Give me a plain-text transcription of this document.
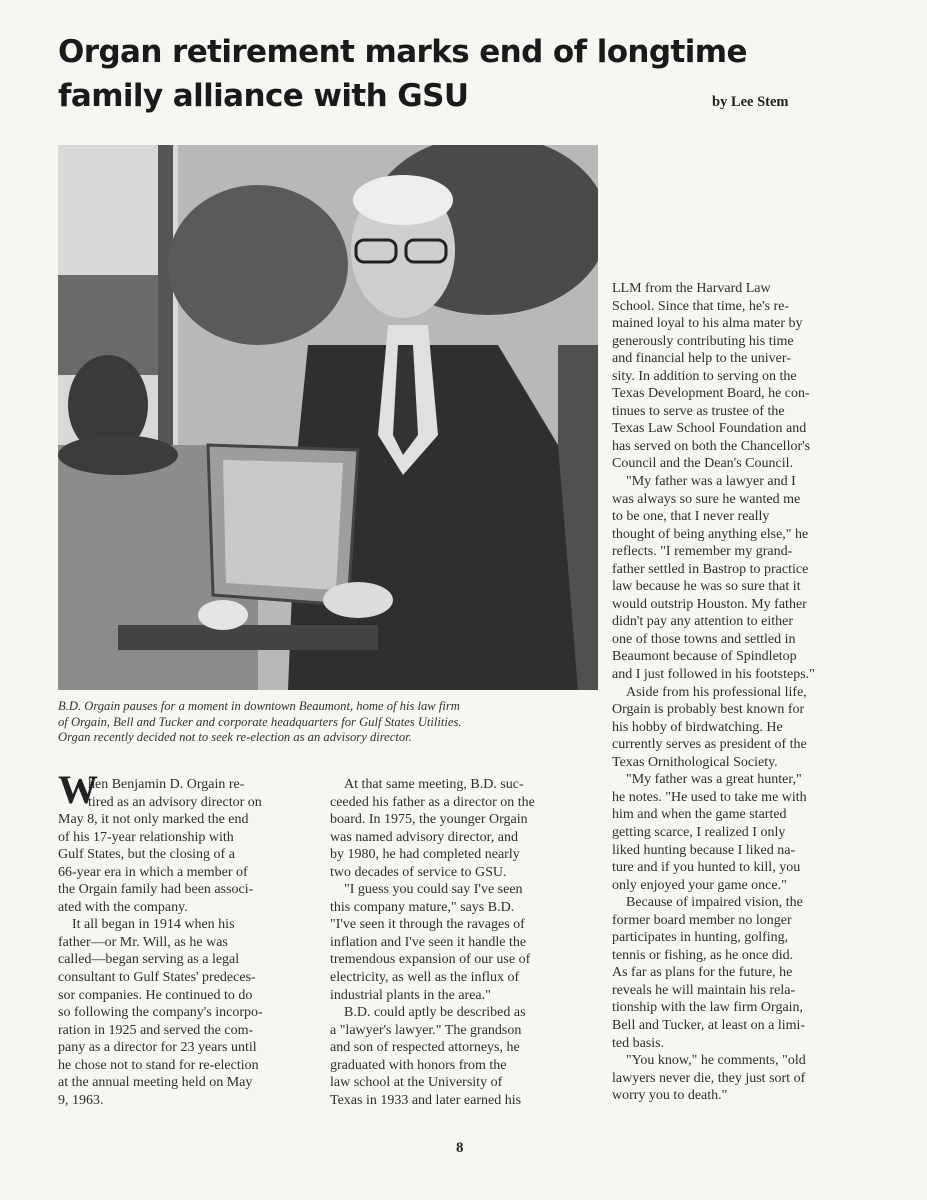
Organ retirement marks end of longtime
family alliance with GSU	by Lee Stem
B.D. Orgain pauses for a moment in downtown Beaumont, home of his law firm
of Orgain, Bell and Tucker and corporate headquarters for Gulf States Utilities.
Organ recently decided not to seek re-election as an advisory director.
W
hen Benjamin D. Orgain re-
tired as an advisory director on
May 8, it not only marked the end
of his 17-year relationship with
Gulf States, but the closing of a
66-year era in which a member of
the Orgain family had been associ-
ated with the company.
It all began in 1914 when his
father—or Mr. Will, as he was
called—began serving as a legal
consultant to Gulf States' predeces-
sor companies. He continued to do
so following the company's incorpo-
ration in 1925 and served the com-
pany as a director for 23 years until
he chose not to stand for re-election
at the annual meeting held on May
9, 1963.
At that same meeting, B.D. suc-
ceeded his father as a director on the
board. In 1975, the younger Orgain
was named advisory director, and
by 1980, he had completed nearly
two decades of service to GSU.
"I guess you could say I've seen
this company mature," says B.D.
"I've seen it through the ravages of
inflation and I've seen it handle the
tremendous expansion of our use of
electricity, as well as the influx of
industrial plants in the area."
B.D. could aptly be described as
a "lawyer's lawyer." The grandson
and son of respected attorneys, he
graduated with honors from the
law school at the University of
Texas in 1933 and later earned his
LLM from the Harvard Law
School. Since that time, he's re-
mained loyal to his alma mater by
generously contributing his time
and financial help to the univer-
sity. In addition to serving on the
Texas Development Board, he con-
tinues to serve as trustee of the
Texas Law School Foundation and
has served on both the Chancellor's
Council and the Dean's Council.
"My father was a lawyer and I
was always so sure he wanted me
to be one, that I never really
thought of being anything else," he
reflects. "I remember my grand-
father settled in Bastrop to practice
law because he was so sure that it
would outstrip Houston. My father
didn't pay any attention to either
one of those towns and settled in
Beaumont because of Spindletop
and I just followed in his footsteps."
Aside from his professional life,
Orgain is probably best known for
his hobby of birdwatching. He
currently serves as president of the
Texas Ornithological Society.
"My father was a great hunter,"
he notes. "He used to take me with
him and when the game started
getting scarce, I realized I only
liked hunting because I liked na-
ture and if you hunted to kill, you
only enjoyed your game once."
Because of impaired vision, the
former board member no longer
participates in hunting, golfing,
tennis or fishing, as he once did.
As far as plans for the future, he
reveals he will maintain his rela-
tionship with the law firm Orgain,
Bell and Tucker, at least on a limi-
ted basis.
"You know," he comments, "old
lawyers never die, they just sort of
worry you to death."
8
